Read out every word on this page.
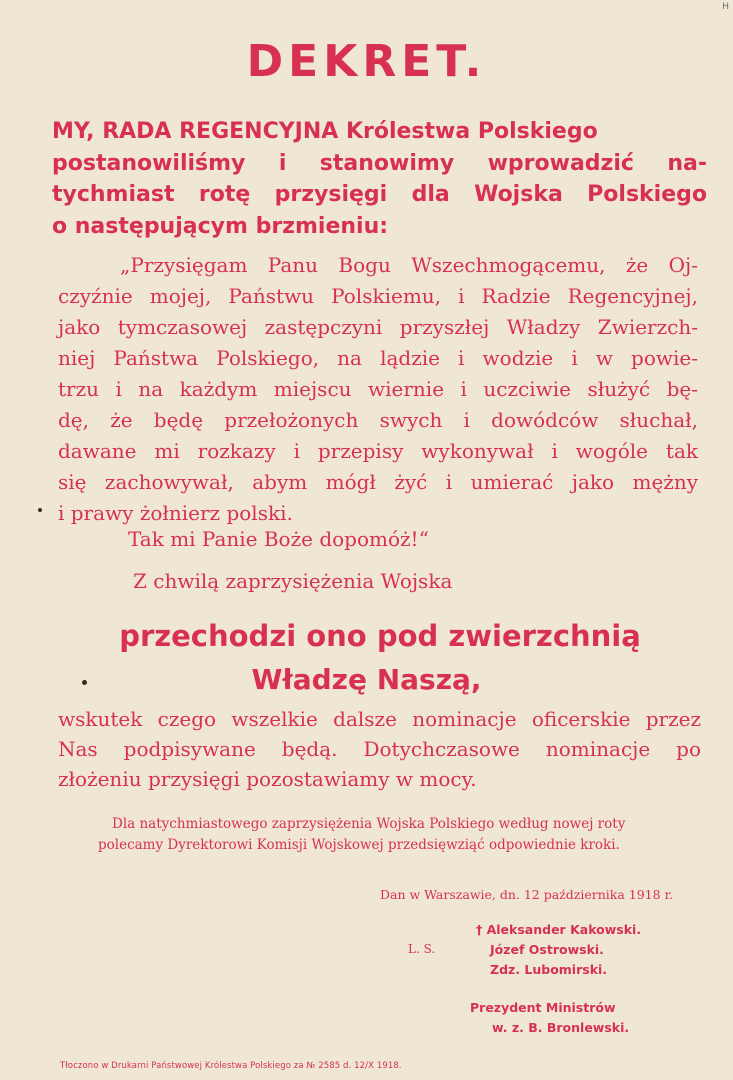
H
DEKRET.
MY, RADA REGENCYJNA Królestwa Polskiego
postanowiliśmy i stanowimy wprowadzić na-
tychmiast rotę przysięgi dla Wojska Polskiego
o następującym brzmieniu:
„Przysięgam Panu Bogu Wszechmogącemu, że Oj-
czyźnie mojej, Państwu Polskiemu, i Radzie Regencyjnej,
jako tymczasowej zastępczyni przyszłej Władzy Zwierzch-
niej Państwa Polskiego, na lądzie i wodzie i w powie-
trzu i na każdym miejscu wiernie i uczciwie służyć bę-
dę, że będę przełożonych swych i dowódców słuchał,
dawane mi rozkazy i przepisy wykonywał i wogóle tak
się zachowywał, abym mógł żyć i umierać jako mężny
i prawy żołnierz polski.
Tak mi Panie Boże dopomóż!“
Z chwilą zaprzysiężenia Wojska
przechodzi ono pod zwierzchnią
Władzę Naszą,
wskutek czego wszelkie dalsze nominacje oficerskie przez
Nas podpisywane będą. Dotychczasowe nominacje po
złożeniu przysięgi pozostawiamy w mocy.
Dla natychmiastowego zaprzysiężenia Wojska Polskiego według nowej roty
polecamy Dyrektorowi Komisji Wojskowej przedsięwziąć odpowiednie kroki.
Dan w Warszawie, dn. 12 października 1918 r.
L. S.
† Aleksander Kakowski.
Józef Ostrowski.
Zdz. Lubomirski.
Prezydent Ministrów
w. z. B. Bronlewski.
Tłoczono w Drukarni Państwowej Królestwa Polskiego za № 2585 d. 12/X 1918.
